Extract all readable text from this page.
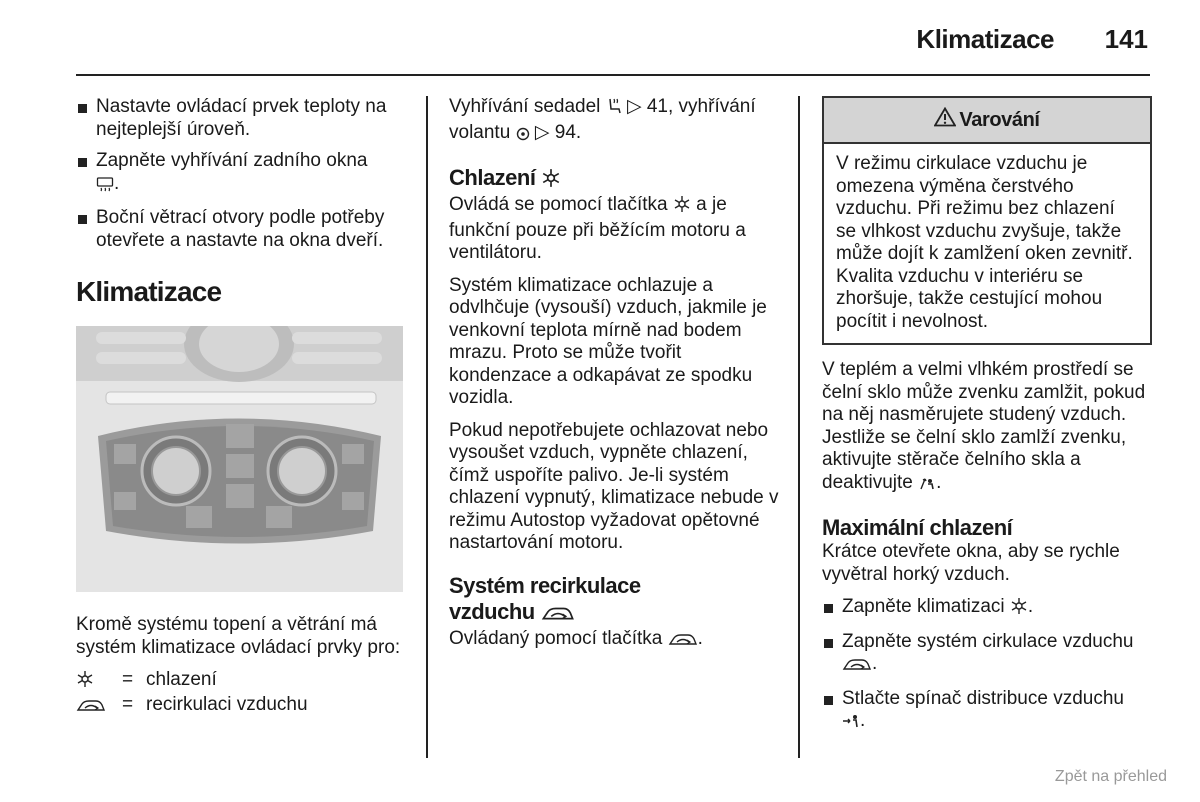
Klimatizace 141
Nastavte ovládací prvek teploty na nejteplejší úroveň.
Zapněte vyhřívání zadního okna
.
Boční větrací otvory podle potřeby otevřete a nastavte na okna dveří.
Klimatizace

Kromě systému topení a větrání má systém klimatizace ovládací prvky pro:

= chlazení
= recirkulaci vzduchu

Vyhřívání sedadel ▷ 41, vyhřívání volantu ▷ 94.

Chlazení

Ovládá se pomocí tlačítka a je funkční pouze při běžícím motoru a ventilátoru.

Systém klimatizace ochlazuje a odvlhčuje (vysouší) vzduch, jakmile je venkovní teplota mírně nad bodem mrazu. Proto se může tvořit kondenzace a odkapávat ze spodku vozidla.

Pokud nepotřebujete ochlazovat nebo vysoušet vzduch, vypněte chlazení, čímž uspoříte palivo. Je-li systém chlazení vypnutý, klimatizace nebude v režimu Autostop vyžadovat opětovné nastartování motoru.

Systém recirkulace
vzduchu

Ovládaný pomocí tlačítka .

Varování
V režimu cirkulace vzduchu je omezena výměna čerstvého vzduchu. Při režimu bez chlazení se vlhkost vzduchu zvyšuje, takže může dojít k zamlžení oken zevnitř. Kvalita vzduchu v interiéru se zhoršuje, takže cestující mohou pocítit i nevolnost.

V teplém a velmi vlhkém prostředí se čelní sklo může zvenku zamlžit, pokud na něj nasměrujete studený vzduch. Jestliže se čelní sklo zamlží zvenku, aktivujte stěrače čelního skla a deaktivujte .

Maximální chlazení

Krátce otevřete okna, aby se rychle vyvětral horký vzduch.

Zapněte klimatizaci .
Zapněte systém cirkulace vzduchu
.
Stlačte spínač distribuce vzduchu
.
Zpět na přehled
